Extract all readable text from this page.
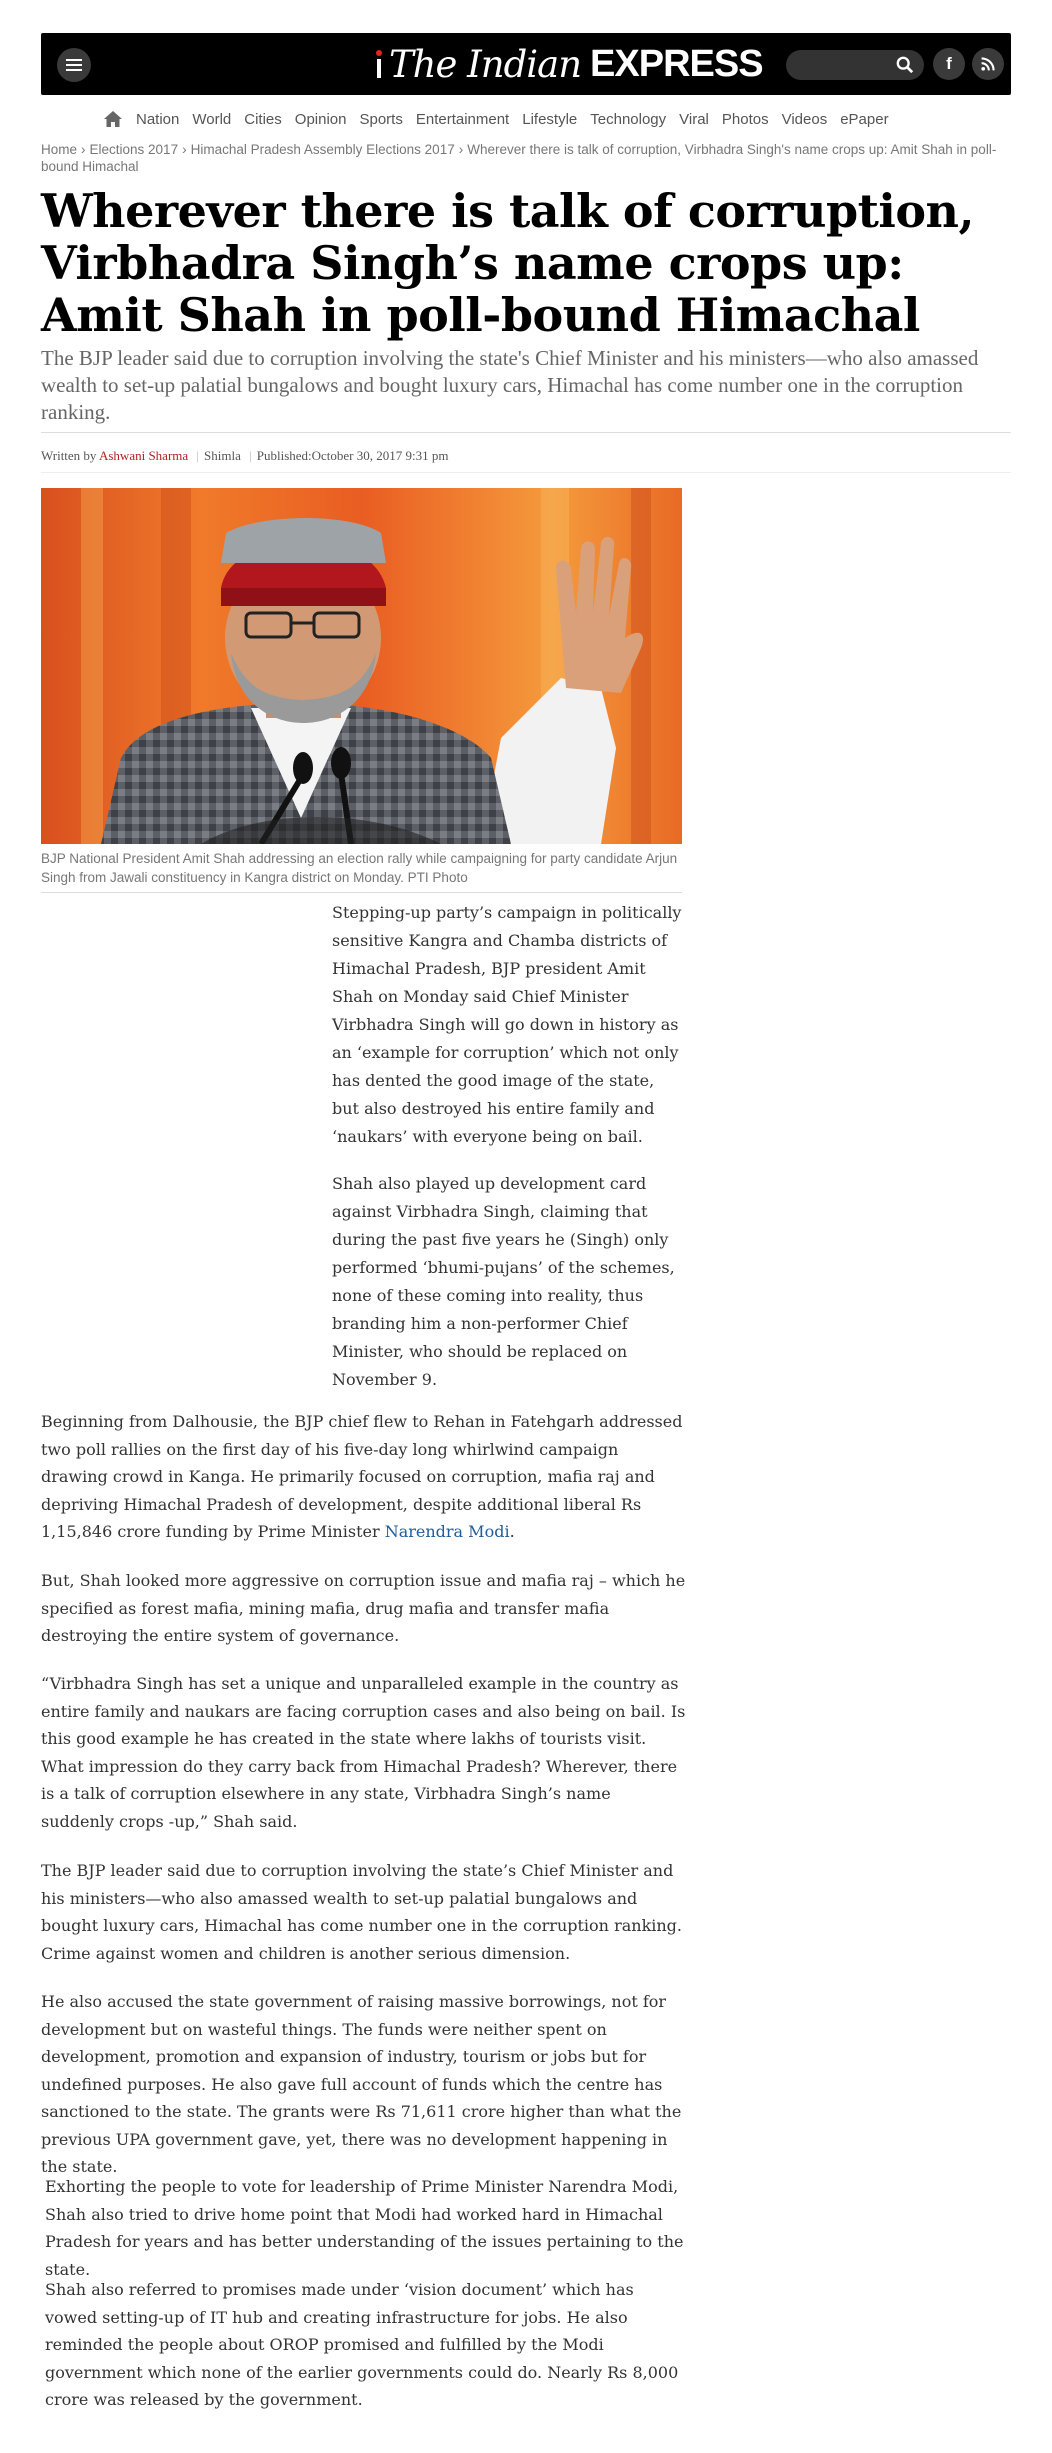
The Indian EXPRESS	f
Nation World Cities Opinion Sports Entertainment Lifestyle Technology Viral Photos Videos ePaper
Home › Elections 2017 › Himachal Pradesh Assembly Elections 2017 › Wherever there is talk of corruption, Virbhadra Singh's name crops up: Amit Shah in poll-bound Himachal
Wherever there is talk of corruption, Virbhadra Singh’s name crops up: Amit Shah in poll-bound Himachal
The BJP leader said due to corruption involving the state's Chief Minister and his ministers—who also amassed wealth to set-up palatial bungalows and bought luxury cars, Himachal has come number one in the corruption ranking.
Written by Ashwani Sharma | Shimla | Published:October 30, 2017 9:31 pm
BJP National President Amit Shah addressing an election rally while campaigning for party candidate Arjun Singh from Jawali constituency in Kangra district on Monday. PTI Photo

Stepping-up party’s campaign in politically sensitive Kangra and Chamba districts of Himachal Pradesh, BJP president Amit Shah on Monday said Chief Minister Virbhadra Singh will go down in history as an ‘example for corruption’ which not only has dented the good image of the state, but also destroyed his entire family and ‘naukars’ with everyone being on bail.

Shah also played up development card against Virbhadra Singh, claiming that during the past five years he (Singh) only performed ‘bhumi-pujans’ of the schemes, none of these coming into reality, thus branding him a non-performer Chief Minister, who should be replaced on November 9.

Beginning from Dalhousie, the BJP chief flew to Rehan in Fatehgarh addressed two poll rallies on the first day of his five-day long whirlwind campaign drawing crowd in Kanga. He primarily focused on corruption, mafia raj and depriving Himachal Pradesh of development, despite additional liberal Rs 1,15,846 crore funding by Prime Minister Narendra Modi.

But, Shah looked more aggressive on corruption issue and mafia raj – which he specified as forest mafia, mining mafia, drug mafia and transfer mafia destroying the entire system of governance.

“Virbhadra Singh has set a unique and unparalleled example in the country as entire family and naukars are facing corruption cases and also being on bail. Is this good example he has created in the state where lakhs of tourists visit. What impression do they carry back from Himachal Pradesh? Wherever, there is a talk of corruption elsewhere in any state, Virbhadra Singh’s name suddenly crops -up,” Shah said.

The BJP leader said due to corruption involving the state’s Chief Minister and his ministers—who also amassed wealth to set-up palatial bungalows and bought luxury cars, Himachal has come number one in the corruption ranking. Crime against women and children is another serious dimension.

He also accused the state government of raising massive borrowings, not for development but on wasteful things. The funds were neither spent on development, promotion and expansion of industry, tourism or jobs but for undefined purposes. He also gave full account of funds which the centre has sanctioned to the state. The grants were Rs 71,611 crore higher than what the previous UPA government gave, yet, there was no development happening in the state.

Exhorting the people to vote for leadership of Prime Minister Narendra Modi, Shah also tried to drive home point that Modi had worked hard in Himachal Pradesh for years and has better understanding of the issues pertaining to the state.

Shah also referred to promises made under ‘vision document’ which has vowed setting-up of IT hub and creating infrastructure for jobs. He also reminded the people about OROP promised and fulfilled by the Modi government which none of the earlier governments could do. Nearly Rs 8,000 crore was released by the government.
